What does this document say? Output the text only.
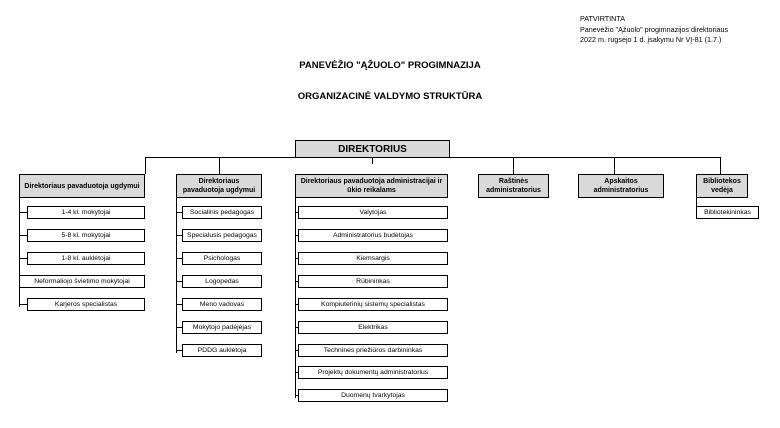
PATVIRTINTA
Panevėžio "Ąžuolo" progimnazijos direktoriaus
2022 m. rugsėjo 1 d. įsakymu Nr VĮ-81 (1.7.)
PANEVĖŽIO "ĄŽUOLO" PROGIMNAZIJA
ORGANIZACINĖ VALDYMO STRUKTŪRA
DIREKTORIUS
Direktoriaus pavaduotoja ugdymui
Direktoriaus pavaduotoja ugdymui
Direktoriaus pavaduotoja administracijai ir ūkio reikalams
Raštinės administratorius
Apskaitos administratorius
Bibliotekos vedėja
1-4 kl. mokytojai
5-8 kl. mokytojai
1-8 kl. auklėtojai
Neformaliojo švietimo mokytojai
Karjeros specialistas
Socialinis pedagogas
Specialusis pedagogas
Psichologas
Logopedas
Meno vadovas
Mokytojo padėjėjas
PDDG auklėtoja
Valytojas
Administratorius budėtojas
Kiemsargis
Rūbininkas
Kompiuterinių sistemų specialistas
Elektrikas
Techninės priežiūros darbininkas
Projektų dokumentų administratorius
Duomenų tvarkytojas
Bibliotekininkas
